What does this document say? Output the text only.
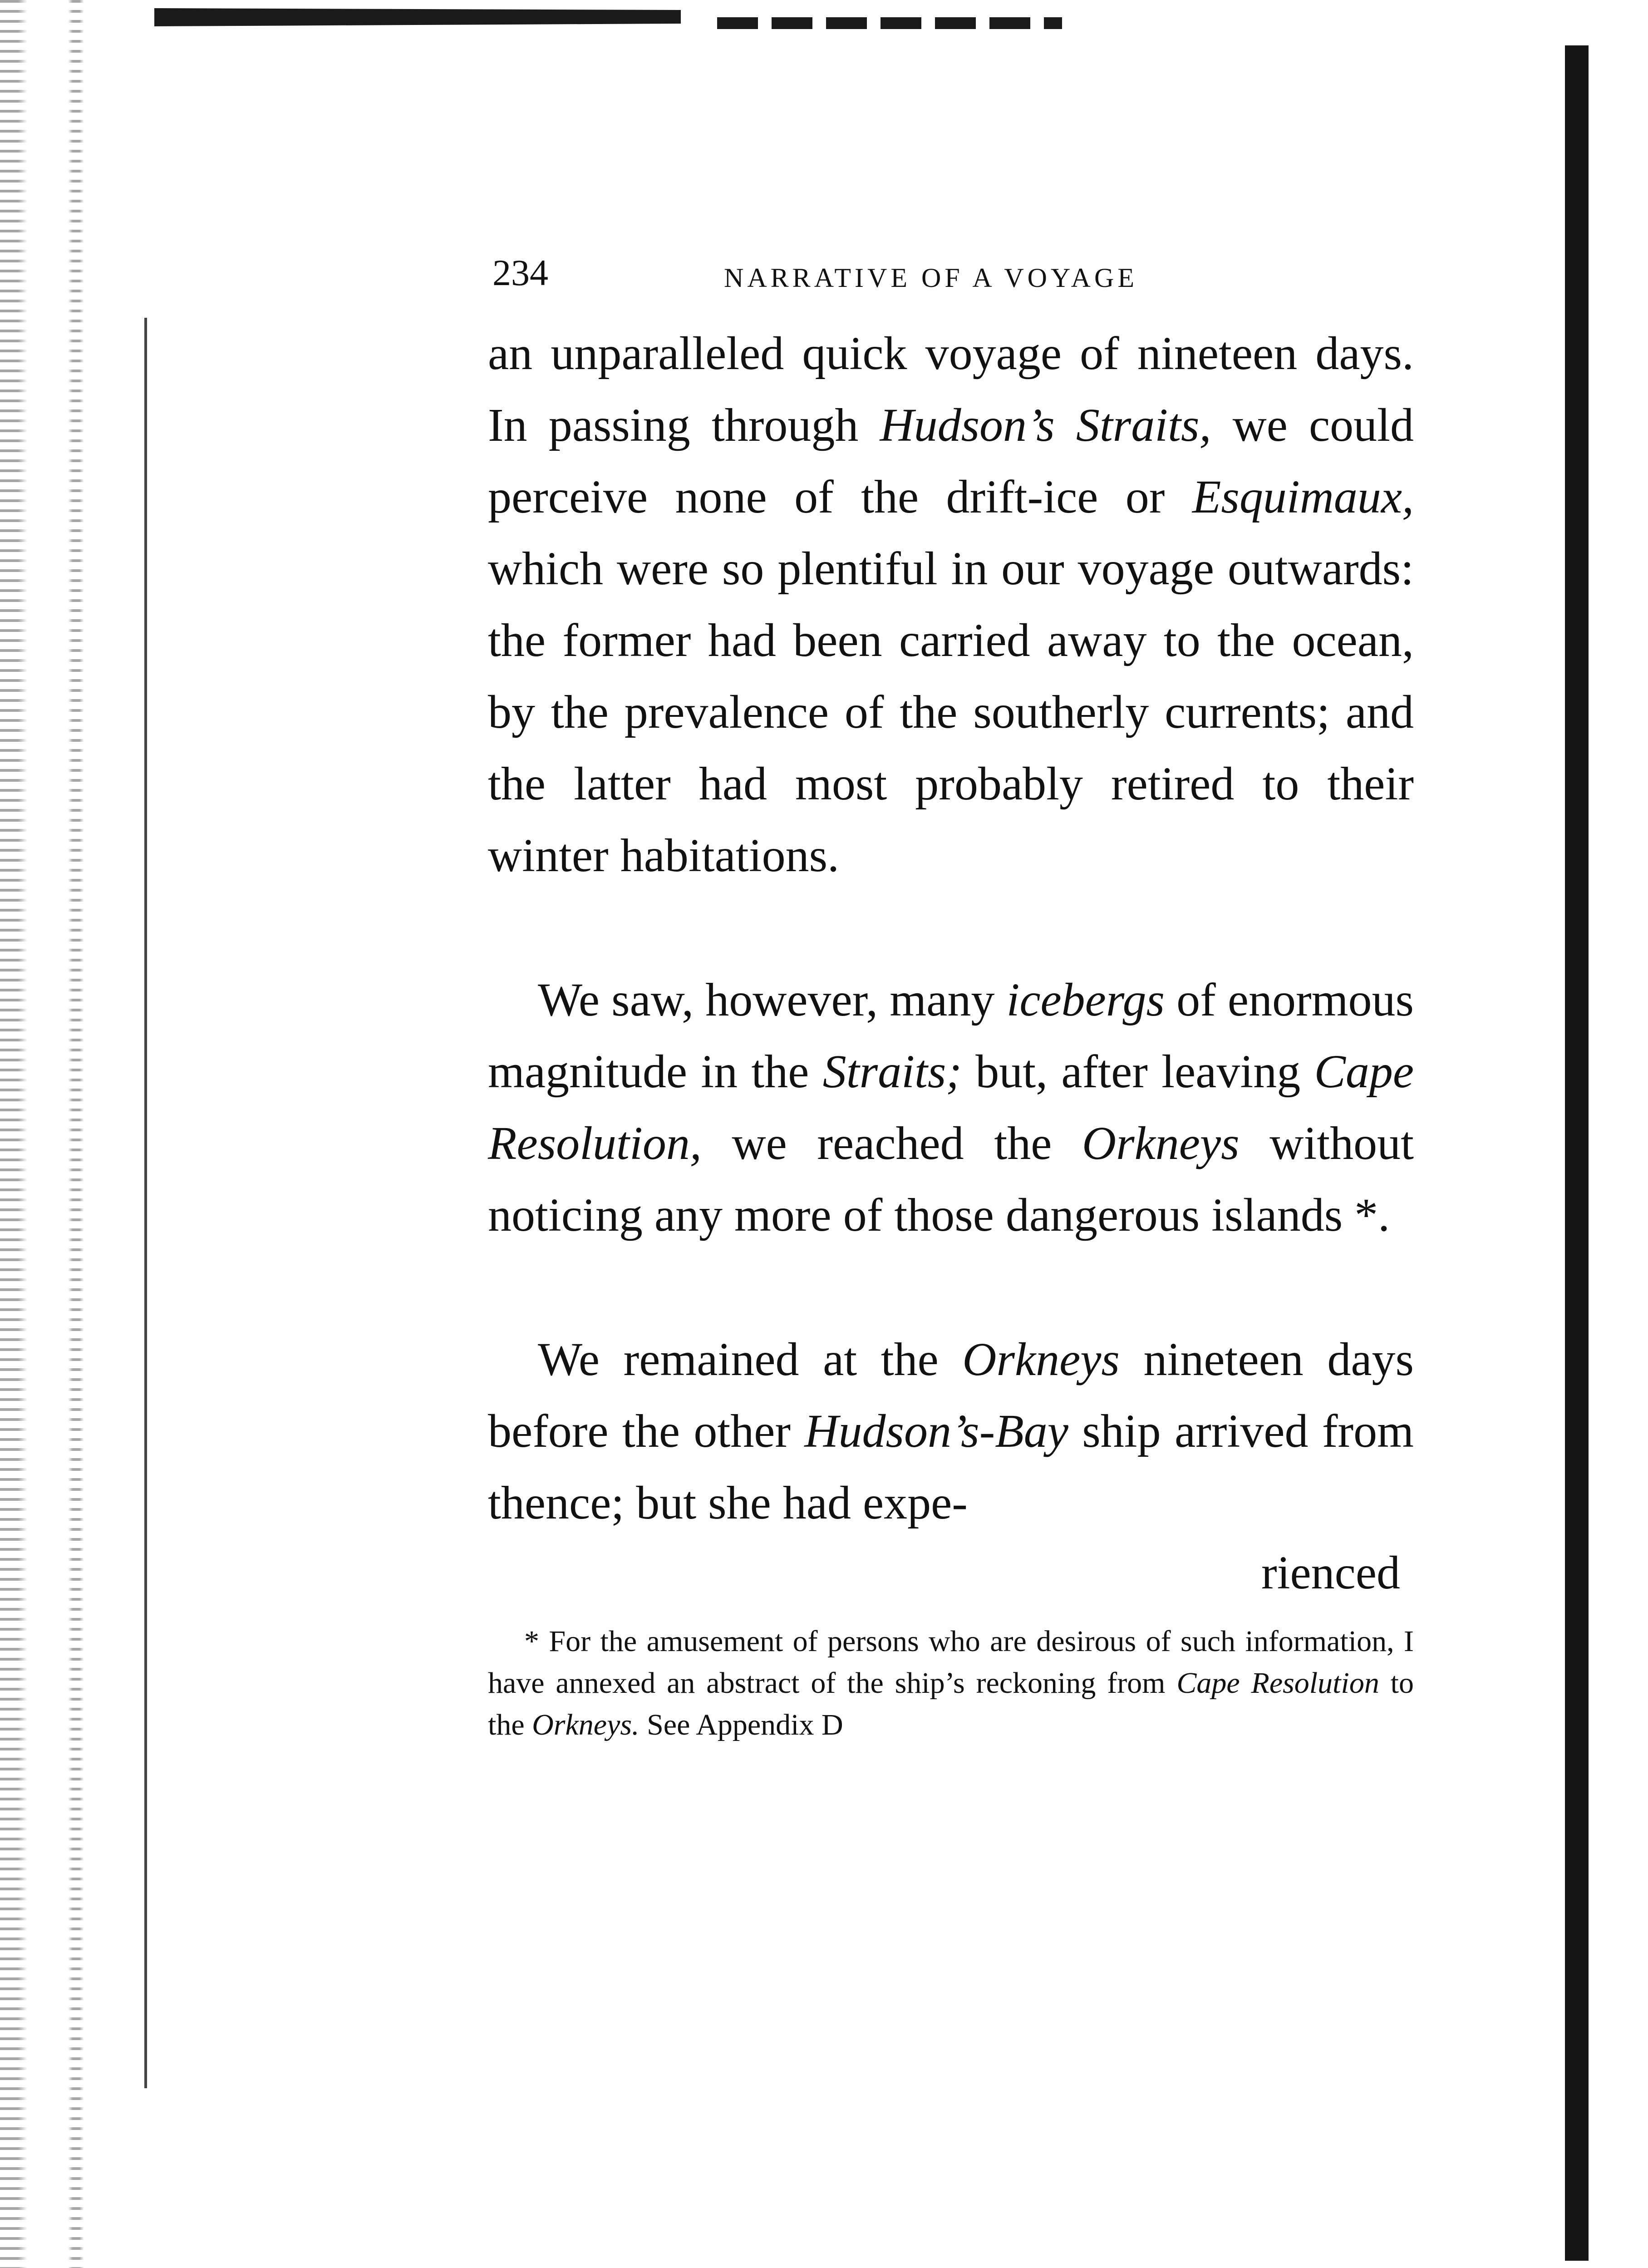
234	NARRATIVE OF A VOYAGE

an unparalleled quick voyage of nineteen days. In passing through Hudson’s Straits, we could perceive none of the drift-ice or Esquimaux, which were so plentiful in our voyage outwards: the former had been carried away to the ocean, by the prevalence of the southerly currents; and the latter had most probably retired to their winter habitations.

We saw, however, many icebergs of enormous magnitude in the Straits; but, after leaving Cape Resolution, we reached the Orkneys without noticing any more of those dangerous islands *.

We remained at the Orkneys nineteen days before the other Hudson’s-Bay ship arrived from thence; but she had expe-

rienced
* For the amusement of persons who are desirous of such information, I have annexed an abstract of the ship’s reckoning from Cape Resolution to the Orkneys. See Appendix D
